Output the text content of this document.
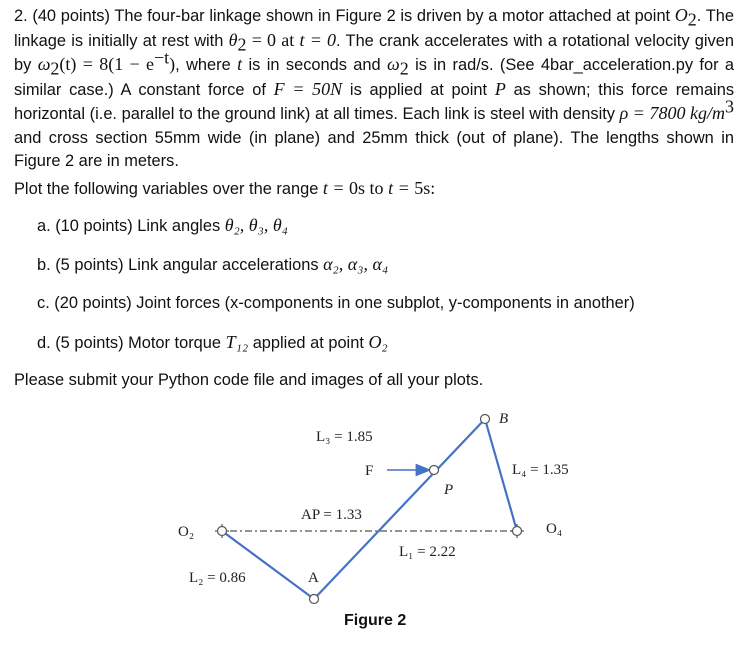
2. (40 points) The four-bar linkage shown in Figure 2 is driven by a motor attached at point $O_2$. The linkage is initially at rest with $\theta_2 = 0$ at t = 0. The crank accelerates with a rotational velocity given by $\omega_2(t) = 8(1 - e^{-t})$, where t is in seconds and $\omega_2$ is in rad/s. (See 4bar_acceleration.py for a similar case.) A constant force of F = 50N is applied at point P as shown; this force remains horizontal (i.e. parallel to the ground link) at all times. Each link is steel with density ρ = 7800 $kg/m^3$ and cross section 55mm wide (in plane) and 25mm thick (out of plane). The lengths shown in Figure 2 are in meters.

Plot the following variables over the range t = 0s to t = 5s:

a. (10 points) Link angles θ₂, θ₃, θ₄
b. (5 points) Link angular accelerations α₂, α₃, α₄
c. (20 points) Joint forces (x-components in one subplot, y-components in another)
d. (5 points) Motor torque T₁₂ applied at point O₂

Please submit your Python code file and images of all your plots.

B
L₃ = 1.85
F
P
L₄ = 1.35
AP = 1.33
O₂	O₄
L₁ = 2.22
L₂ = 0.86	A
Figure 2
